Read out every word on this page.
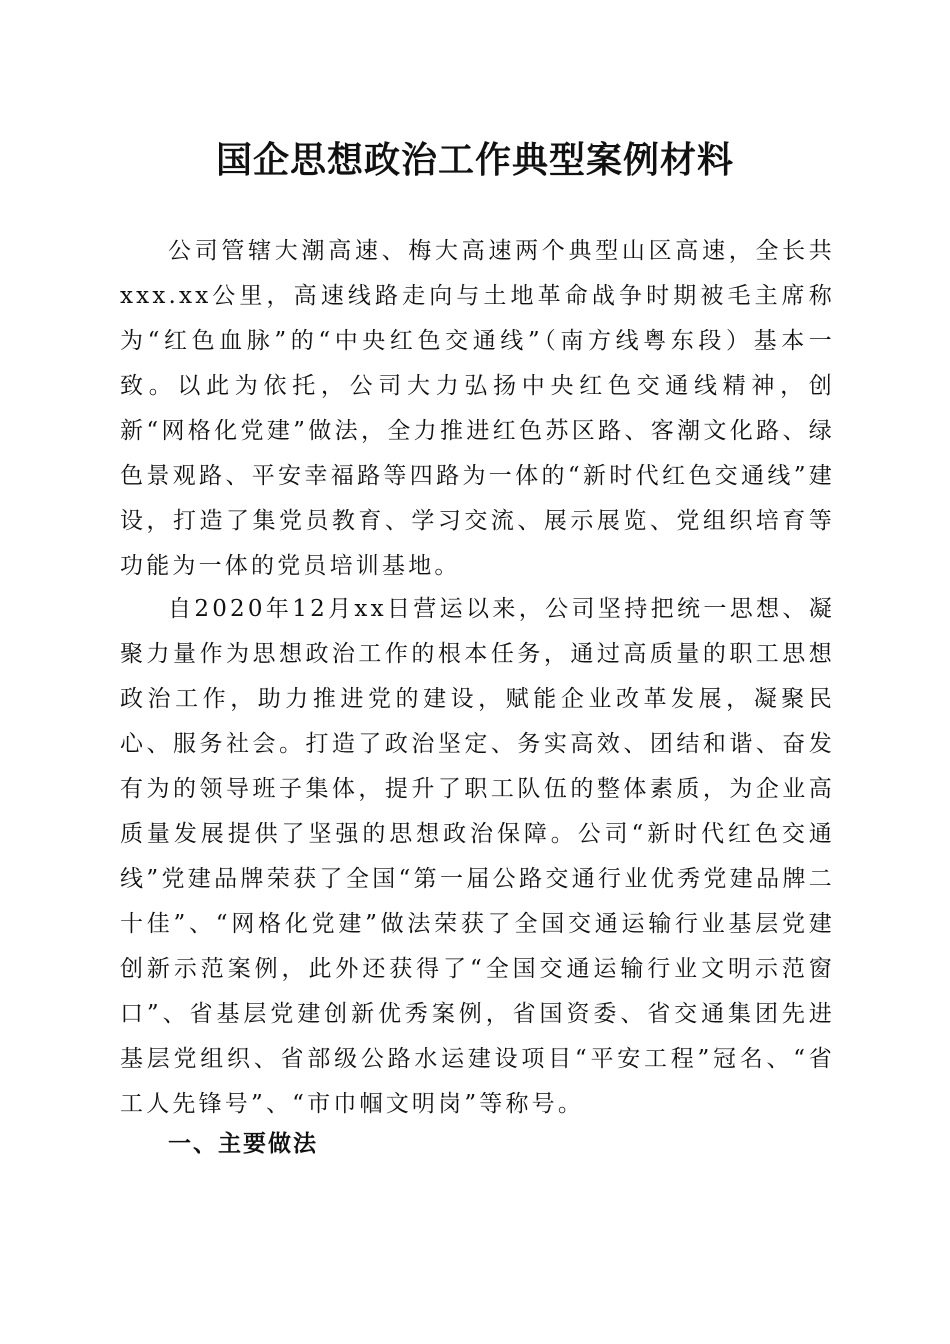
国企思想政治工作典型案例材料

公司管辖大潮高速、梅大高速两个典型山区高速，全长共xxx.xx公里，高速线路走向与土地革命战争时期被毛主席称为“红色血脉”的“中央红色交通线”（南方线粤东段）基本一致。以此为依托，公司大力弘扬中央红色交通线精神，创新“网格化党建”做法，全力推进红色苏区路、客潮文化路、绿色景观路、平安幸福路等四路为一体的“新时代红色交通线”建设，打造了集党员教育、学习交流、展示展览、党组织培育等功能为一体的党员培训基地。

自2020年12月xx日营运以来，公司坚持把统一思想、凝聚力量作为思想政治工作的根本任务，通过高质量的职工思想政治工作，助力推进党的建设，赋能企业改革发展，凝聚民心、服务社会。打造了政治坚定、务实高效、团结和谐、奋发有为的领导班子集体，提升了职工队伍的整体素质，为企业高质量发展提供了坚强的思想政治保障。公司“新时代红色交通线”党建品牌荣获了全国“第一届公路交通行业优秀党建品牌二十佳”、“网格化党建”做法荣获了全国交通运输行业基层党建创新示范案例，此外还获得了“全国交通运输行业文明示范窗口”、省基层党建创新优秀案例，省国资委、省交通集团先进基层党组织、省部级公路水运建设项目“平安工程”冠名、“省工人先锋号”、“市巾帼文明岗”等称号。

一、主要做法
